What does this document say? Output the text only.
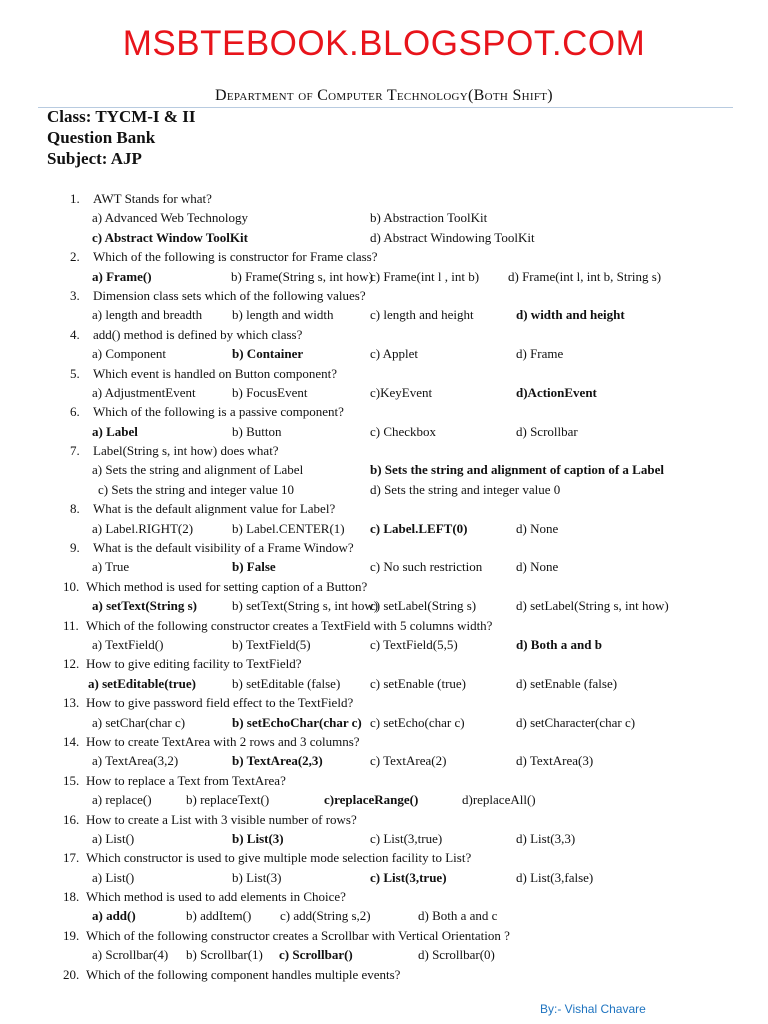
MSBTEBOOK.BLOGSPOT.COM
Department of Computer Technology(Both Shift)
Class: TYCM-I & II
Question Bank
Subject: AJP
1. AWT Stands for what?
a) Advanced Web Technology	b) Abstraction ToolKit
c) Abstract Window ToolKit	d) Abstract Windowing ToolKit
2. Which of the following is constructor for Frame class?
a) Frame()	b) Frame(String s, int how)
c) Frame(int l , int b) d) Frame(int l, int b, String s)
3. Dimension class sets which of the following values?
a) length and breadth b) length and width	c) length and height	d) width and height
4. add() method is defined by which class?
a) Component	b) Container	c) Applet	d) Frame
5. Which event is handled on Button component?
a) AdjustmentEvent	b) FocusEvent	c)KeyEvent	d)ActionEvent
6. Which of the following is a passive component?
a) Label	b) Button	c) Checkbox	d) Scrollbar
7. Label(String s, int how) does what?
a) Sets the string and alignment of Label	b) Sets the string and alignment of caption of a Label
c) Sets the string and integer value 10	d) Sets the string and integer value 0
8. What is the default alignment value for Label?
a) Label.RIGHT(2)	b) Label.CENTER(1) c) Label.LEFT(0)	d) None
9. What is the default visibility of a Frame Window?
a) True	b) False	c) No such restriction	d) None
10. Which method is used for setting caption of a Button?
a) setText(String s)	b) setText(String s, int how)
c) setLabel(String s)	d) setLabel(String s, int how)
11. Which of the following constructor creates a TextField with 5 columns width?
a) TextField()	b) TextField(5)	c) TextField(5,5)	d) Both a and b
12. How to give editing facility to TextField?
a) setEditable(true)	b) setEditable (false) c) setEnable (true)	d) setEnable (false)
13. How to give password field effect to the TextField?
a) setChar(char c)	b) setEchoChar(char c) c) setEcho(char c)	d) setCharacter(char c)
14. How to create TextArea with 2 rows and 3 columns?
a) TextArea(3,2)	b) TextArea(2,3)	c) TextArea(2)	d) TextArea(3)
15. How to replace a Text from TextArea?
a) replace()	b) replaceText()	c)replaceRange()	d)replaceAll()
16. How to create a List with 3 visible number of rows?
a) List()	b) List(3)	c) List(3,true)	d) List(3,3)
17. Which constructor is used to give multiple mode selection facility to List?
a) List()	b) List(3)	c) List(3,true)	d) List(3,false)
18. Which method is used to add elements in Choice?
a) add()	b) addItem() c) add(String s,2)	d) Both a and c
19. Which of the following constructor creates a Scrollbar with Vertical Orientation ?
a) Scrollbar(4) b) Scrollbar(1) c) Scrollbar()	d) Scrollbar(0)
20. Which of the following component handles multiple events?
By:- Vishal Chavare
